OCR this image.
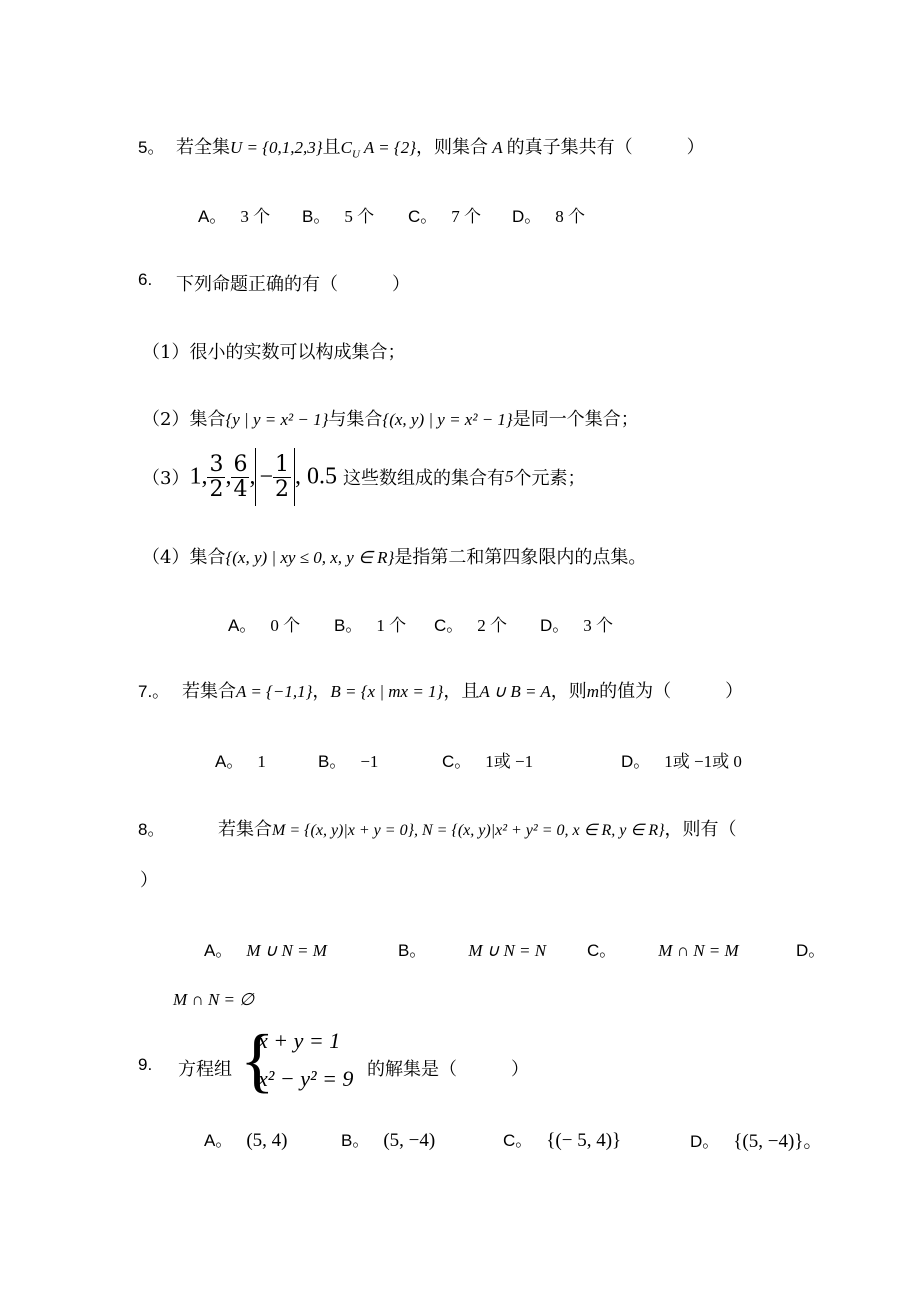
5。 若全集U = {0,1,2,3}且$C_U$ A = {2}，则集合 A 的真子集共有（　　　）
A。 3 个 B。 5 个 C。 7 个 D。 8 个
6. 下列命题正确的有（　　　）
（1）很小的实数可以构成集合；
（2）集合{y | y = x² − 1}与集合{(x, y) | y = x² − 1}是同一个集合；
（3）1, $\frac{3}{2}$ , $\frac{6}{4}$ , − $\frac{1}{2}$ , 0.5 这些数组成的集合有5个元素；
（4）集合{(x, y) | xy ≤ 0, x, y ∈ R}是指第二和第四象限内的点集。
A。 0 个 B。 1 个 C。 2 个 D。 3 个
7.。 若集合A = {−1,1}，B = {x | mx = 1}，且A ∪ B = A，则m的值为（　　　）
A。 1	B。 −1	C。 1或 −1	D。 1或 −1或 0
8。	若集合M = {(x, y)|x + y = 0}, N = {(x, y)|x² + y² = 0, x ∈ R, y ∈ R}，则有（
）
A。 M ∪ N = M	B。 M ∪ N = N C。 M ∩ N = M	D。
M ∩ N = ∅
9. 方程组	的解集是（　　　）
{
x + y = 1
x² − y² = 9
A。 (5, 4)	B。 (5, −4)	C。 {(− 5, 4)}	D。 {(5, −4)}。
